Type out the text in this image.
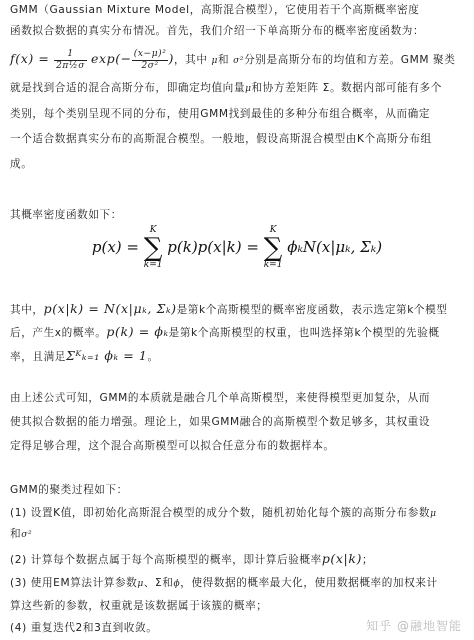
GMM（Gaussian Mixture Model，高斯混合模型），它使用若干个高斯概率密度

函数拟合数据的真实分布情况。首先，我们介绍一下单高斯分布的概率密度函数为：

$f(x) = \frac{1}{\text{2π½σ}} \exp(- \frac{\text{(x−μ)²}}{\text{2σ²}}$ )，其中 μ和 σ²分别是高斯分布的均值和方差。GMM 聚类

就是找到合适的混合高斯分布，即确定均值向量μ和协方差矩阵 Σ。数据内部可能有多个

类别，每个类别呈现不同的分布，使用GMM找到最佳的多种分布组合概率，从而确定

一个适合数据真实分布的高斯混合模型。一般地，假设高斯混合模型由K个高斯分布组

成。

其概率密度函数如下：

p(x) =
K
∑
k=1
p(k)p(x|k) =
K
∑
k=1
ϕₖN(x|μₖ, Σₖ)

其中，p(x|k) = N(x|μₖ, Σₖ)是第k个高斯模型的概率密度函数，表示选定第k个模型

后，产生x的概率。p(k) = ϕₖ是第k个高斯模型的权重，也叫选择第k个模型的先验概

率，且满足Σᴷₖ₌₁ ϕₖ = 1。

由上述公式可知，GMM的本质就是融合几个单高斯模型，来使得模型更加复杂，从而

使其拟合数据的能力增强。理论上，如果GMM融合的高斯模型个数足够多，其权重设

定得足够合理，这个混合高斯模型可以拟合任意分布的数据样本。

GMM的聚类过程如下：

(1) 设置K值，即初始化高斯混合模型的成分个数，随机初始化每个簇的高斯分布参数μ

和σ²

(2) 计算每个数据点属于每个高斯模型的概率，即计算后验概率p(x|k)；

(3) 使用EM算法计算参数μ、Σ和ϕ，使得数据的概率最大化，使用数据概率的加权来计

算这些新的参数，权重就是该数据属于该簇的概率；

(4) 重复迭代2和3直到收敛。	知乎 @融地智能
